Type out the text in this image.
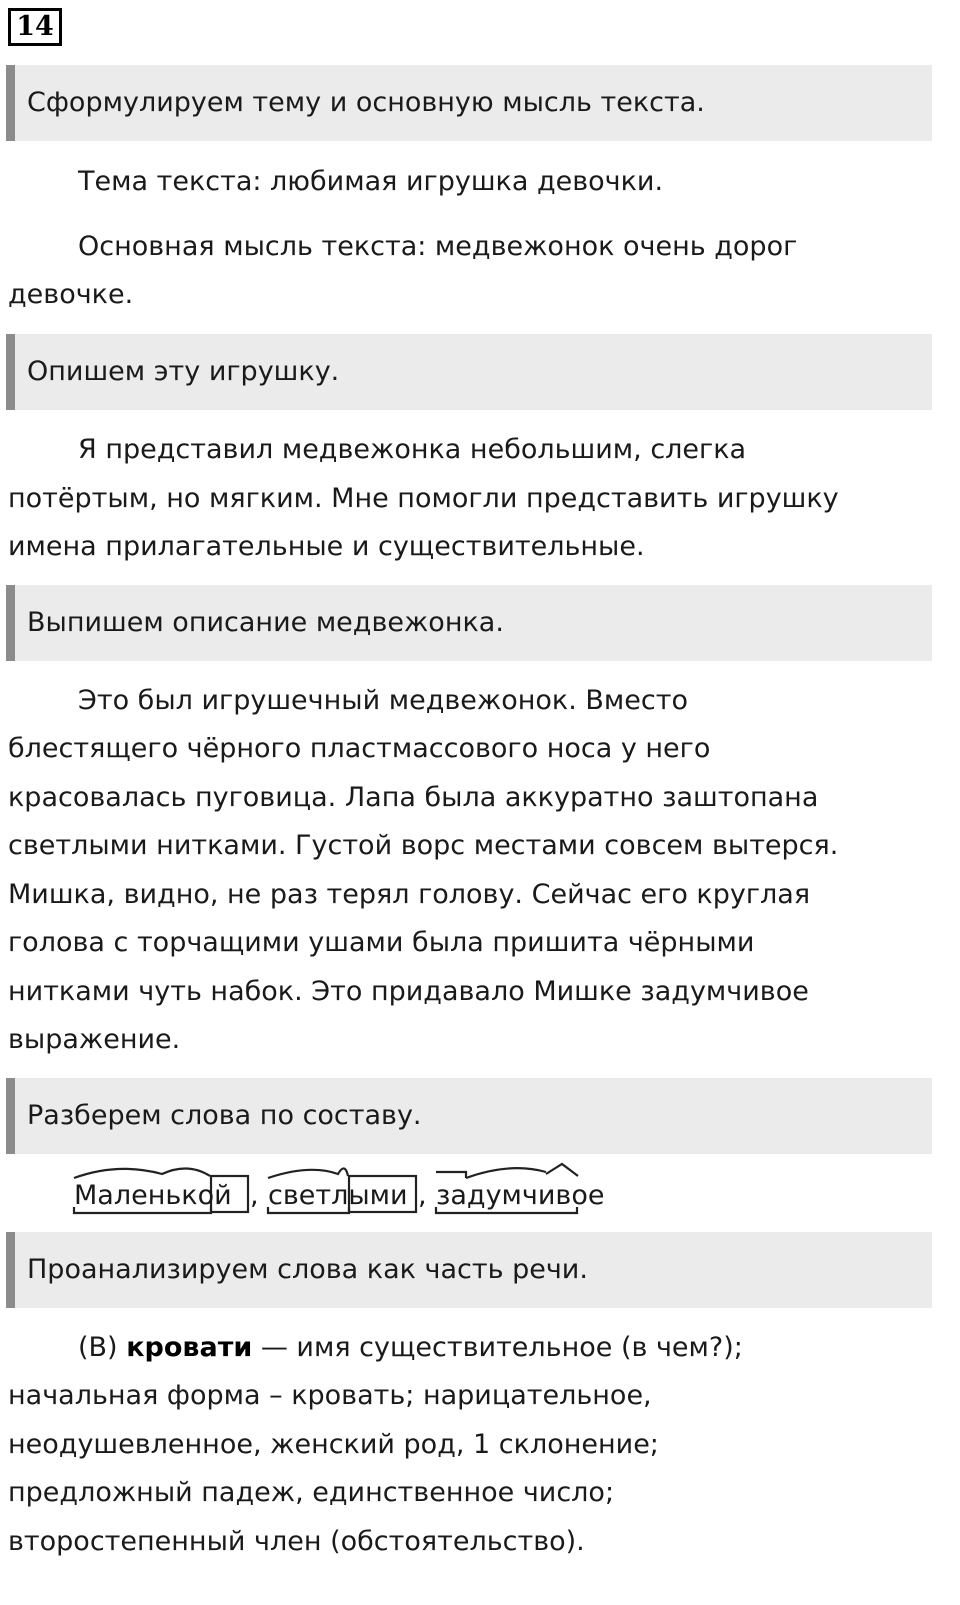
14
Сформулируем тему и основную мысль текста.

Тема текста: любимая игрушка девочки.

Основная мысль текста: медвежонок очень дорог

девочке.

Опишем эту игрушку.

Я представил медвежонка небольшим, слегка

потёртым, но мягким. Мне помогли представить игрушку

имена прилагательные и существительные.

Выпишем описание медвежонка.

Это был игрушечный медвежонок. Вместо

блестящего чёрного пластмассового носа у него

красовалась пуговица. Лапа была аккуратно заштопана

светлыми нитками. Густой ворс местами совсем вытерся.

Мишка, видно, не раз терял голову. Сейчас его круглая

голова с торчащими ушами была пришита чёрными

нитками чуть набок. Это придавало Мишке задумчивое

выражение.

Разберем слова по составу.
Маленькой , светлыми , задумчивое
Проанализируем слова как часть речи.

(В) кровати — имя существительное (в чем?);

начальная форма – кровать; нарицательное,

неодушевленное, женский род, 1 склонение;

предложный падеж, единственное число;

второстепенный член (обстоятельство).
